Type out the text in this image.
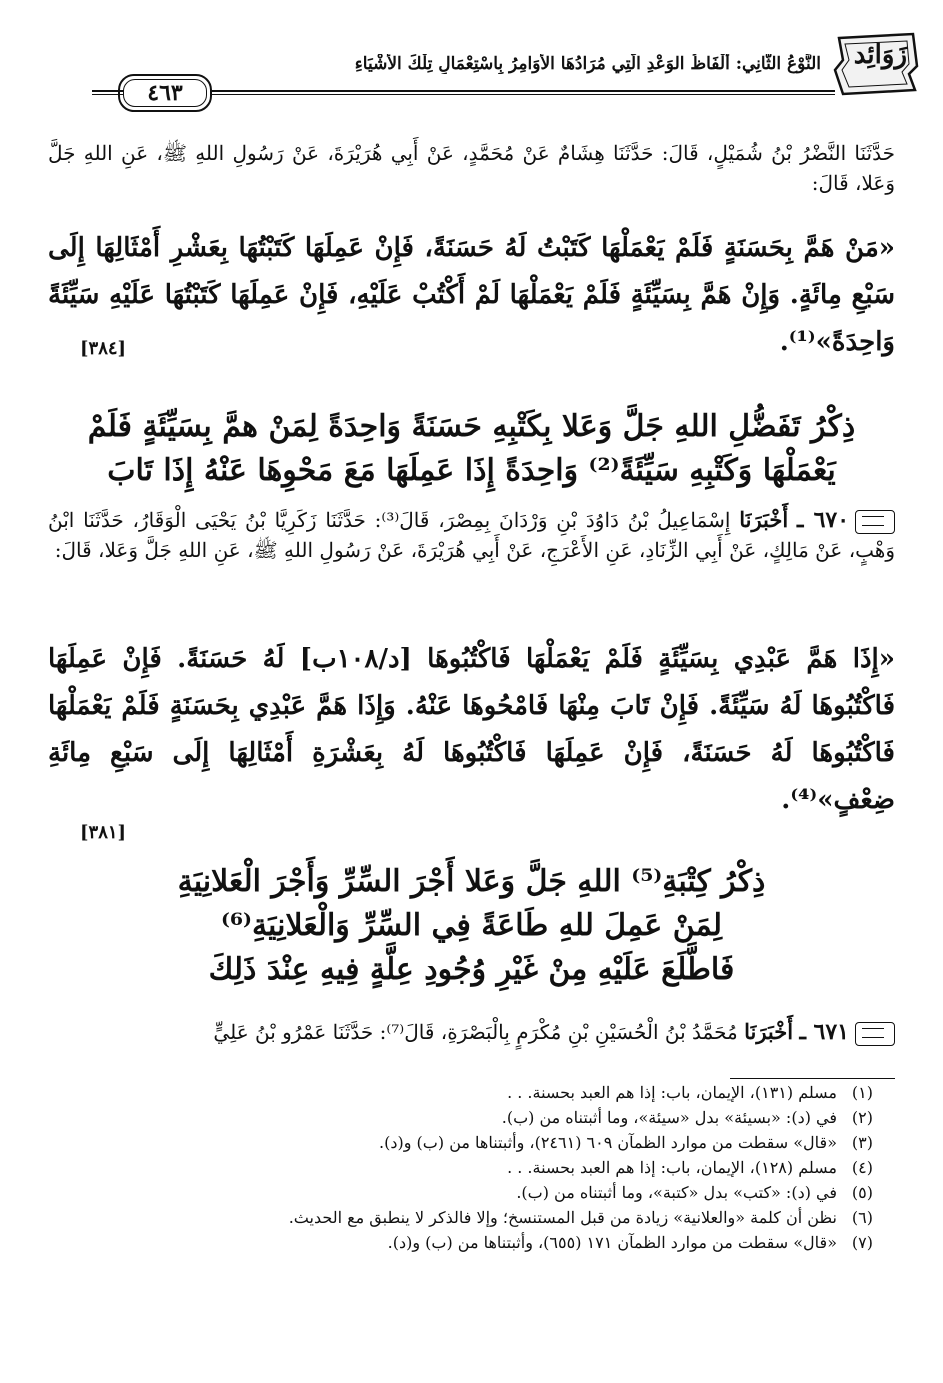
زَوَائِد
النَّوْعُ الثَّانِي: أَلْفَاظُ الوَعْدِ الَّتِي مُرَادُهَا الأَوَامِرُ بِاسْتِعْمَالِ تِلْكَ الأَشْيَاءِ
٤٦٣
حَدَّثَنَا النَّضْرُ بْنُ شُمَيْلٍ، قَالَ: حَدَّثَنَا هِشَامٌ عَنْ مُحَمَّدٍ، عَنْ أَبِي هُرَيْرَةَ، عَنْ رَسُولِ اللهِ ﷺ، عَنِ اللهِ جَلَّ وَعَلا، قَالَ:
«مَنْ هَمَّ بِحَسَنَةٍ فَلَمْ يَعْمَلْهَا كَتَبْتُ لَهُ حَسَنَةً، فَإِنْ عَمِلَهَا كَتَبْتُهَا بِعَشْرِ أَمْثَالِهَا إِلَى سَبْعِ مِائَةٍ. وَإِنْ هَمَّ بِسَيِّئَةٍ فَلَمْ يَعْمَلْهَا لَمْ أَكْتُبْ عَلَيْهِ، فَإِنْ عَمِلَهَا كَتَبْتُهَا عَلَيْهِ سَيِّئَةً وَاحِدَةً»⁽¹⁾.
[٣٨٤]
ذِكْرُ تَفَضُّلِ اللهِ جَلَّ وَعَلا بِكَتْبِهِ حَسَنَةً وَاحِدَةً لِمَنْ همَّ بِسَيِّئَةٍ فَلَمْ
يَعْمَلْهَا وَكَتْبِهِ سَيِّئَةً⁽²⁾ وَاحِدَةً إِذَا عَمِلَهَا مَعَ مَحْوِهَا عَنْهُ إِذَا تَابَ
٦٧٠ ـ أَخْبَرَنَا إِسْمَاعِيلُ بْنُ دَاوُدَ بْنِ وَرْدَانَ بِمِصْرَ، قَالَ⁽³⁾: حَدَّثَنَا زَكَرِيَّا بْنُ يَحْيَى الْوَقَارُ، حَدَّثَنَا ابْنُ وَهْبٍ، عَنْ مَالِكٍ، عَنْ أَبِي الزِّنَادِ، عَنِ الأَعْرَجِ، عَنْ أَبِي هُرَيْرَةَ، عَنْ رَسُولِ اللهِ ﷺ، عَنِ اللهِ جَلَّ وَعَلا، قَالَ:
«إِذَا هَمَّ عَبْدِي بِسَيِّئَةٍ فَلَمْ يَعْمَلْهَا فَاكْتُبُوهَا [د/١٠٨ب] لَهُ حَسَنَةً. فَإِنْ عَمِلَهَا فَاكْتُبُوهَا لَهُ سَيِّئَةً. فَإِنْ تَابَ مِنْهَا فَامْحُوهَا عَنْهُ. وَإِذَا هَمَّ عَبْدِي بِحَسَنَةٍ فَلَمْ يَعْمَلْهَا فَاكْتُبُوهَا لَهُ حَسَنَةً، فَإِنْ عَمِلَهَا فَاكْتُبُوهَا لَهُ بِعَشْرَةِ أَمْثَالِهَا إِلَى سَبْعِ مِائَةِ ضِعْفٍ»⁽⁴⁾.
[٣٨١]
ذِكْرُ كِتْبَةِ⁽⁵⁾ اللهِ جَلَّ وَعَلا أَجْرَ السِّرِّ وَأَجْرَ الْعَلانِيَةِ
لِمَنْ عَمِلَ للهِ طَاعَةً فِي السِّرِّ وَالْعَلانِيَةِ⁽⁶⁾
فَاطَّلَعَ عَلَيْهِ مِنْ غَيْرِ وُجُودِ عِلَّةٍ فِيهِ عِنْدَ ذَلِكَ
٦٧١ ـ أَخْبَرَنَا مُحَمَّدُ بْنُ الْحُسَيْنِ بْنِ مُكْرَمٍ بِالْبَصْرَةِ، قَالَ⁽⁷⁾: حَدَّثَنَا عَمْرُو بْنُ عَلِيٍّ
(١)
مسلم (١٣١)، الإيمان، باب: إذا هم العبد بحسنة. . .
(٢)
في (د): «بسيئة» بدل «سيئة»، وما أثبتناه من (ب).
(٣)
«قال» سقطت من موارد الظمآن ٦٠٩ (٢٤٦١)، وأثبتناها من (ب) و(د).
(٤)
مسلم (١٢٨)، الإيمان، باب: إذا هم العبد بحسنة. . .
(٥)
في (د): «كتب» بدل «كتبة»، وما أثبتناه من (ب).
(٦)
نظن أن كلمة «والعلانية» زيادة من قبل المستنسخ؛ وإلا فالذكر لا ينطبق مع الحديث.
(٧)
«قال» سقطت من موارد الظمآن ١٧١ (٦٥٥)، وأثبتناها من (ب) و(د).
